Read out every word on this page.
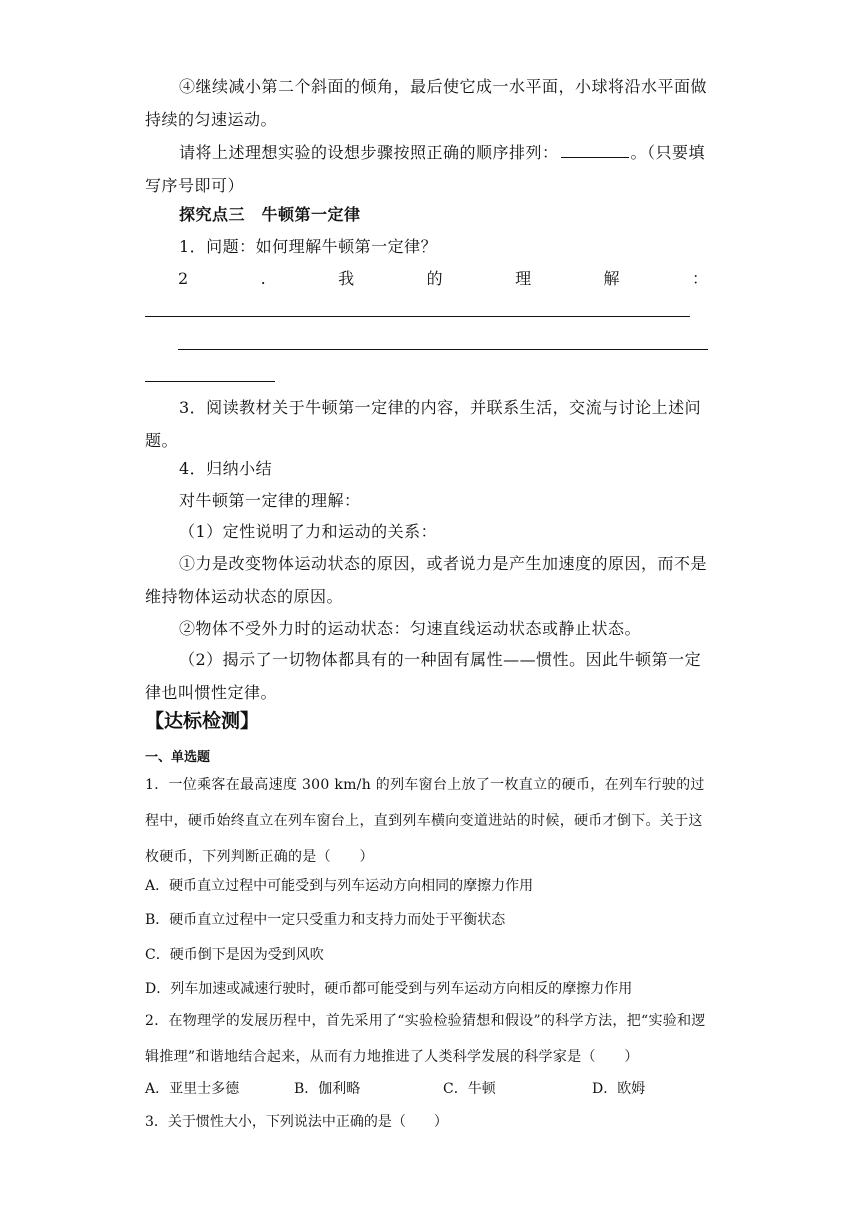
④继续减小第二个斜面的倾角，最后使它成一水平面，小球将沿水平面做持续的匀速运动。
请将上述理想实验的设想步骤按照正确的顺序排列：	。（只要填写序号即可）
探究点三　牛顿第一定律
1．问题：如何理解牛顿第一定律？
2	.	我	的	理	解	：
3．阅读教材关于牛顿第一定律的内容，并联系生活，交流与讨论上述问题。
4．归纳小结
对牛顿第一定律的理解：
（1）定性说明了力和运动的关系：
①力是改变物体运动状态的原因，或者说力是产生加速度的原因，而不是维持物体运动状态的原因。
②物体不受外力时的运动状态：匀速直线运动状态或静止状态。
（2）揭示了一切物体都具有的一种固有属性——惯性。因此牛顿第一定律也叫惯性定律。
【达标检测】
一、单选题
1．一位乘客在最高速度 300 km/h 的列车窗台上放了一枚直立的硬币，在列车行驶的过程中，硬币始终直立在列车窗台上，直到列车横向变道进站的时候，硬币才倒下。关于这枚硬币，下列判断正确的是（　　）
A．硬币直立过程中可能受到与列车运动方向相同的摩擦力作用
B．硬币直立过程中一定只受重力和支持力而处于平衡状态
C．硬币倒下是因为受到风吹
D．列车加速或减速行驶时，硬币都可能受到与列车运动方向相反的摩擦力作用
2．在物理学的发展历程中，首先采用了“实验检验猜想和假设”的科学方法，把“实验和逻辑推理”和谐地结合起来，从而有力地推进了人类科学发展的科学家是（　　）
A．亚里士多德	B．伽利略	C．牛顿	D．欧姆
3．关于惯性大小，下列说法中正确的是（　　）
